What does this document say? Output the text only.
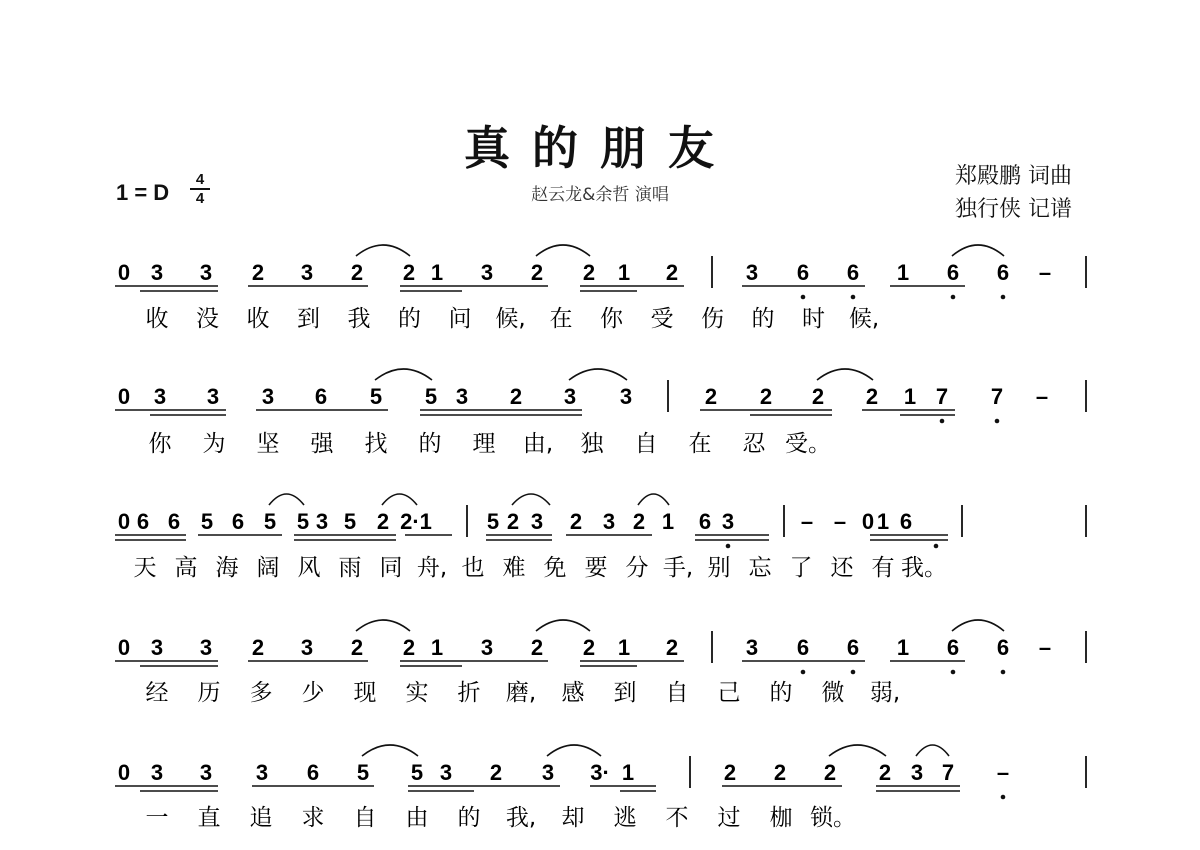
真的朋友
赵云龙&余哲 演唱
郑殿鹏 词曲
独行侠 记谱
1 = D
4
4
0 3 3 2 3 2 2 1 3 2 2 1 2	3 6 6 1 6 6 –
收 没 收 到 我 的 问 候, 在 你 受 伤 的 时 候,
0 3 3 3 6 5 5 3 2 3 3	2 2 2 2 1 7 7 –
你 为 坚 强 找 的 理 由, 独 自 在 忍 受。
0 6 6 5 6 5 5 3 5 2 2·1 5 2 3 2 3 2 1 6 3	– – 0 1 6
天 高 海 阔 风 雨 同 舟, 也 难 免 要 分 手, 别 忘 了 还 有 我。
0 3 3 2 3 2 2 1 3 2 2 1 2	3 6 6 1 6 6 –
经 历 多 少 现 实 折 磨, 感 到 自 己 的 微 弱,
0 3 3 3 6 5 5 3 2 3 3· 1	2 2 2 2 3 7 –
一 直 追 求 自 由 的 我, 却 逃 不 过 枷 锁。
